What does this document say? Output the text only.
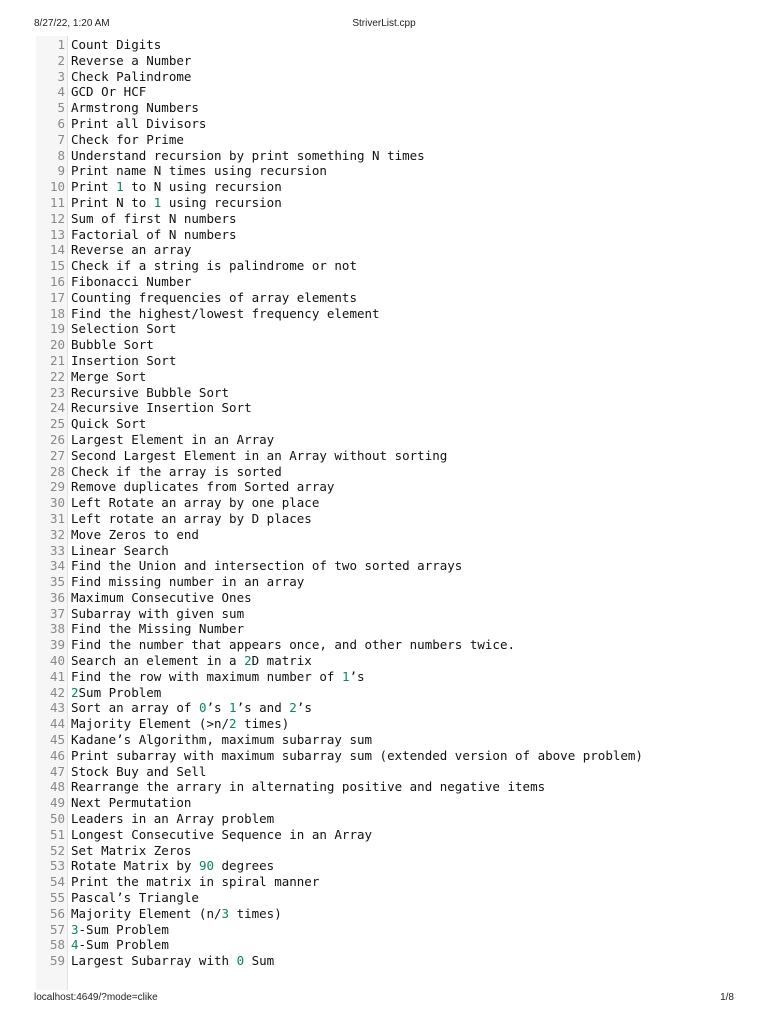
8/27/22, 1:20 AM	StriverList.cpp
1 Count Digits
2 Reverse a Number
3 Check Palindrome
4 GCD Or HCF
5 Armstrong Numbers
6 Print all Divisors
7 Check for Prime
8 Understand recursion by print something N times
9 Print name N times using recursion
10 Print 1 to N using recursion
11 Print N to 1 using recursion
12 Sum of first N numbers
13 Factorial of N numbers
14 Reverse an array
15 Check if a string is palindrome or not
16 Fibonacci Number
17 Counting frequencies of array elements
18 Find the highest/lowest frequency element
19 Selection Sort
20 Bubble Sort
21 Insertion Sort
22 Merge Sort
23 Recursive Bubble Sort
24 Recursive Insertion Sort
25 Quick Sort
26 Largest Element in an Array
27 Second Largest Element in an Array without sorting
28 Check if the array is sorted
29 Remove duplicates from Sorted array
30 Left Rotate an array by one place
31 Left rotate an array by D places
32 Move Zeros to end
33 Linear Search
34 Find the Union and intersection of two sorted arrays
35 Find missing number in an array
36 Maximum Consecutive Ones
37 Subarray with given sum
38 Find the Missing Number
39 Find the number that appears once, and other numbers twice.
40 Search an element in a 2D matrix
41 Find the row with maximum number of 1’s
42 2Sum Problem
43 Sort an array of 0’s 1’s and 2’s
44 Majority Element (>n/2 times)
45 Kadane’s Algorithm, maximum subarray sum
46 Print subarray with maximum subarray sum (extended version of above problem)
47 Stock Buy and Sell
48 Rearrange the arrary in alternating positive and negative items
49 Next Permutation
50 Leaders in an Array problem
51 Longest Consecutive Sequence in an Array
52 Set Matrix Zeros
53 Rotate Matrix by 90 degrees
54 Print the matrix in spiral manner
55 Pascal’s Triangle
56 Majority Element (n/3 times)
57 3-Sum Problem
58 4-Sum Problem
59 Largest Subarray with 0 Sum
localhost:4649/?mode=clike	1/8
